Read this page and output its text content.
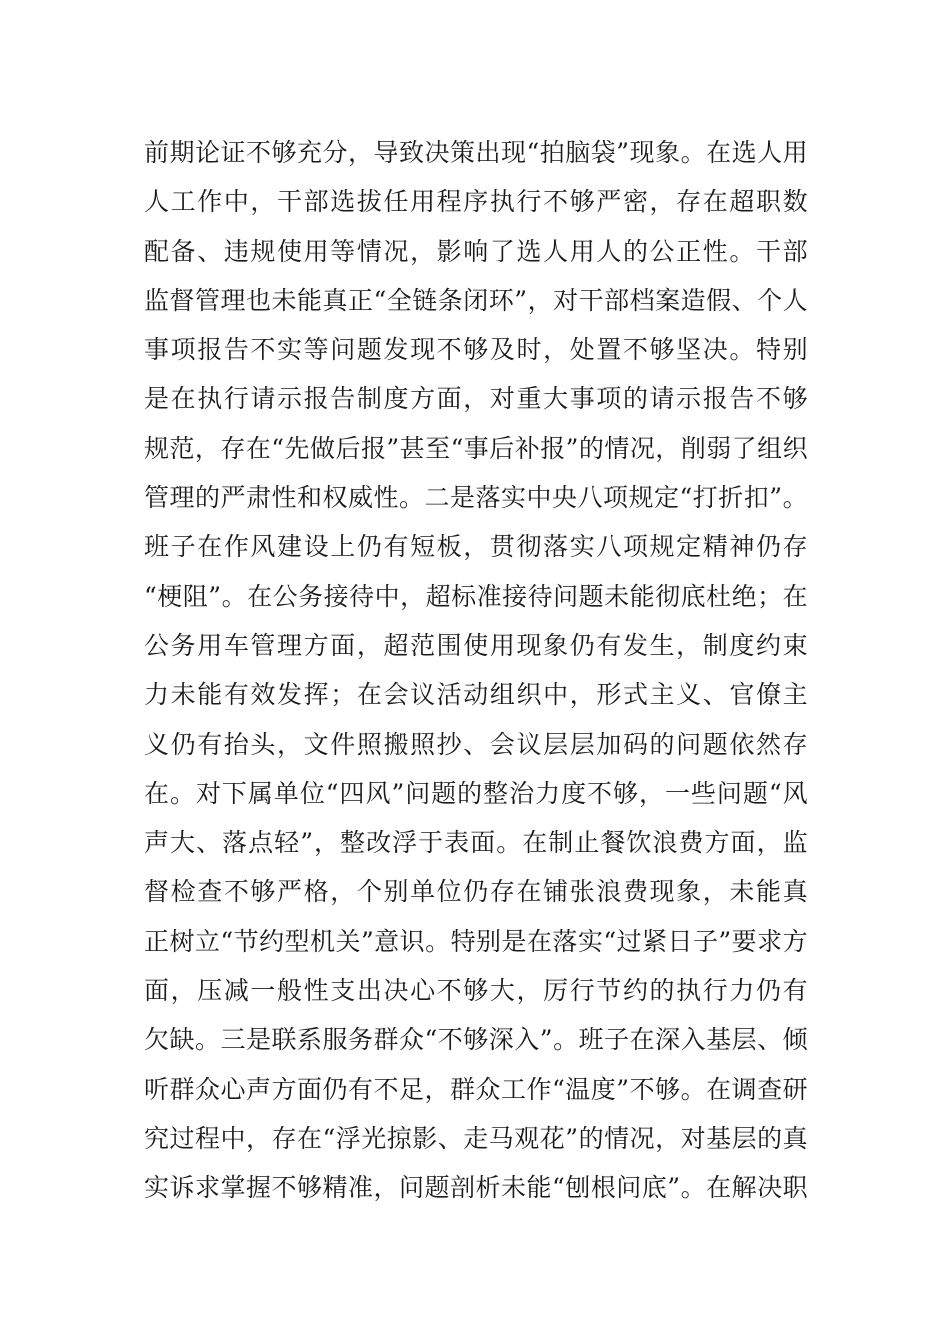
前期论证不够充分，导致决策出现“拍脑袋”现象。在选人用
人工作中，干部选拔任用程序执行不够严密，存在超职数
配备、违规使用等情况，影响了选人用人的公正性。干部
监督管理也未能真正“全链条闭环”，对干部档案造假、个人
事项报告不实等问题发现不够及时，处置不够坚决。特别
是在执行请示报告制度方面，对重大事项的请示报告不够
规范，存在“先做后报”甚至“事后补报”的情况，削弱了组织
管理的严肃性和权威性。二是落实中央八项规定“打折扣”。
班子在作风建设上仍有短板，贯彻落实八项规定精神仍存
“梗阻”。在公务接待中，超标准接待问题未能彻底杜绝；在
公务用车管理方面，超范围使用现象仍有发生，制度约束
力未能有效发挥；在会议活动组织中，形式主义、官僚主
义仍有抬头，文件照搬照抄、会议层层加码的问题依然存
在。对下属单位“四风”问题的整治力度不够，一些问题“风
声大、落点轻”，整改浮于表面。在制止餐饮浪费方面，监
督检查不够严格，个别单位仍存在铺张浪费现象，未能真
正树立“节约型机关”意识。特别是在落实“过紧日子”要求方
面，压减一般性支出决心不够大，厉行节约的执行力仍有
欠缺。三是联系服务群众“不够深入”。班子在深入基层、倾
听群众心声方面仍有不足，群众工作“温度”不够。在调查研
究过程中，存在“浮光掠影、走马观花”的情况，对基层的真
实诉求掌握不够精准，问题剖析未能“刨根问底”。在解决职
